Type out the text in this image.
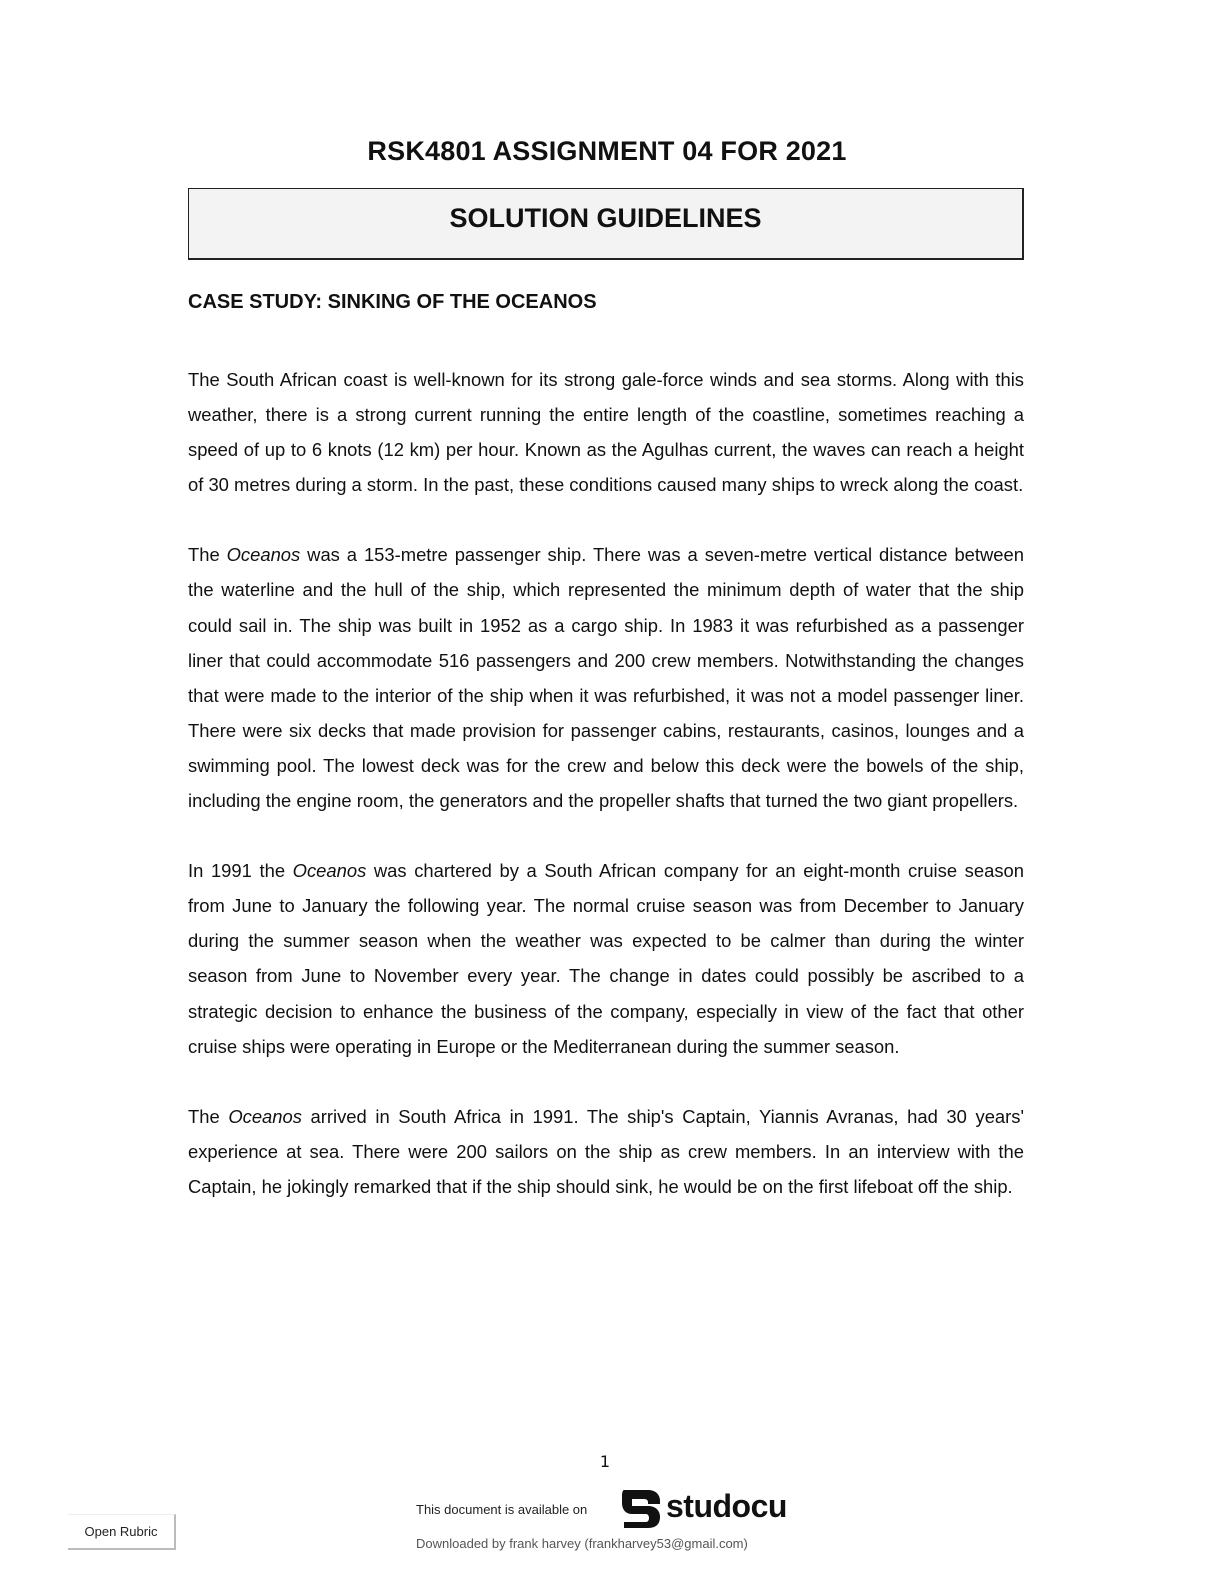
RSK4801 ASSIGNMENT 04 FOR 2021
SOLUTION GUIDELINES
CASE STUDY: SINKING OF THE OCEANOS

The South African coast is well-known for its strong gale-force winds and sea storms. Along with this weather, there is a strong current running the entire length of the coastline, sometimes reaching a speed of up to 6 knots (12 km) per hour. Known as the Agulhas current, the waves can reach a height of 30 metres during a storm. In the past, these conditions caused many ships to wreck along the coast.

The Oceanos was a 153-metre passenger ship. There was a seven-metre vertical distance between the waterline and the hull of the ship, which represented the minimum depth of water that the ship could sail in. The ship was built in 1952 as a cargo ship. In 1983 it was refurbished as a passenger liner that could accommodate 516 passengers and 200 crew members. Notwithstanding the changes that were made to the interior of the ship when it was refurbished, it was not a model passenger liner. There were six decks that made provision for passenger cabins, restaurants, casinos, lounges and a swimming pool. The lowest deck was for the crew and below this deck were the bowels of the ship, including the engine room, the generators and the propeller shafts that turned the two giant propellers.

In 1991 the Oceanos was chartered by a South African company for an eight-month cruise season from June to January the following year. The normal cruise season was from December to January during the summer season when the weather was expected to be calmer than during the winter season from June to November every year. The change in dates could possibly be ascribed to a strategic decision to enhance the business of the company, especially in view of the fact that other cruise ships were operating in Europe or the Mediterranean during the summer season.

The Oceanos arrived in South Africa in 1991. The ship's Captain, Yiannis Avranas, had 30 years' experience at sea. There were 200 sailors on the ship as crew members. In an interview with the Captain, he jokingly remarked that if the ship should sink, he would be on the first lifeboat off the ship.

1
This document is available on studocu
Downloaded by frank harvey (frankharvey53@gmail.com)
Open Rubric
